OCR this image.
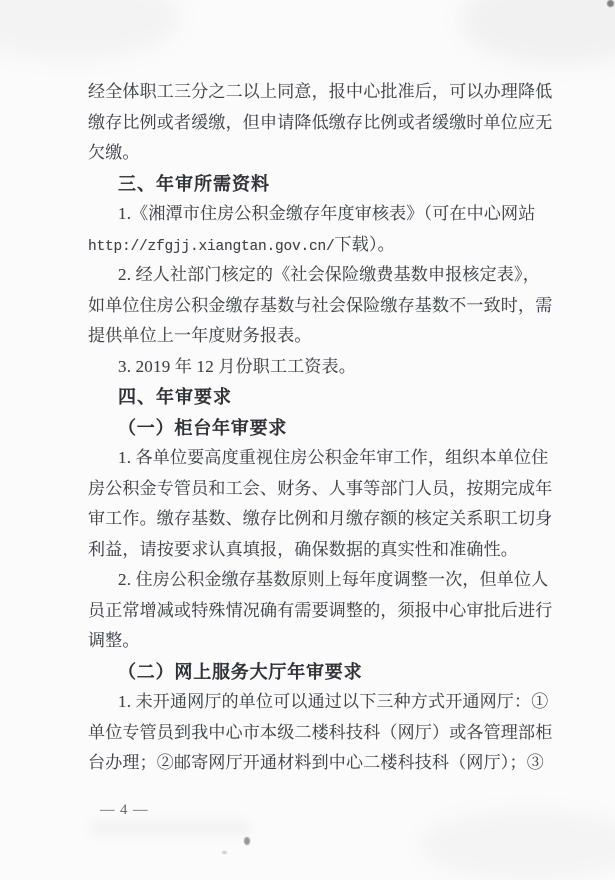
经全体职工三分之二以上同意，报中心批准后，可以办理降低
缴存比例或者缓缴，但申请降低缴存比例或者缓缴时单位应无
欠缴。
三、年审所需资料
1.《湘潭市住房公积金缴存年度审核表》（可在中心网站
http://zfgjj.xiangtan.gov.cn/下载）。
2. 经人社部门核定的《社会保险缴费基数申报核定表》，
如单位住房公积金缴存基数与社会保险缴存基数不一致时，需
提供单位上一年度财务报表。
3. 2019 年 12 月份职工工资表。
四、年审要求
（一）柜台年审要求
1. 各单位要高度重视住房公积金年审工作，组织本单位住
房公积金专管员和工会、财务、人事等部门人员，按期完成年
审工作。缴存基数、缴存比例和月缴存额的核定关系职工切身
利益，请按要求认真填报，确保数据的真实性和准确性。
2. 住房公积金缴存基数原则上每年度调整一次，但单位人
员正常增减或特殊情况确有需要调整的，须报中心审批后进行
调整。
（二）网上服务大厅年审要求
1. 未开通网厅的单位可以通过以下三种方式开通网厅：①
单位专管员到我中心市本级二楼科技科（网厅）或各管理部柜
台办理；②邮寄网厅开通材料到中心二楼科技科（网厅）；③
— 4 —
